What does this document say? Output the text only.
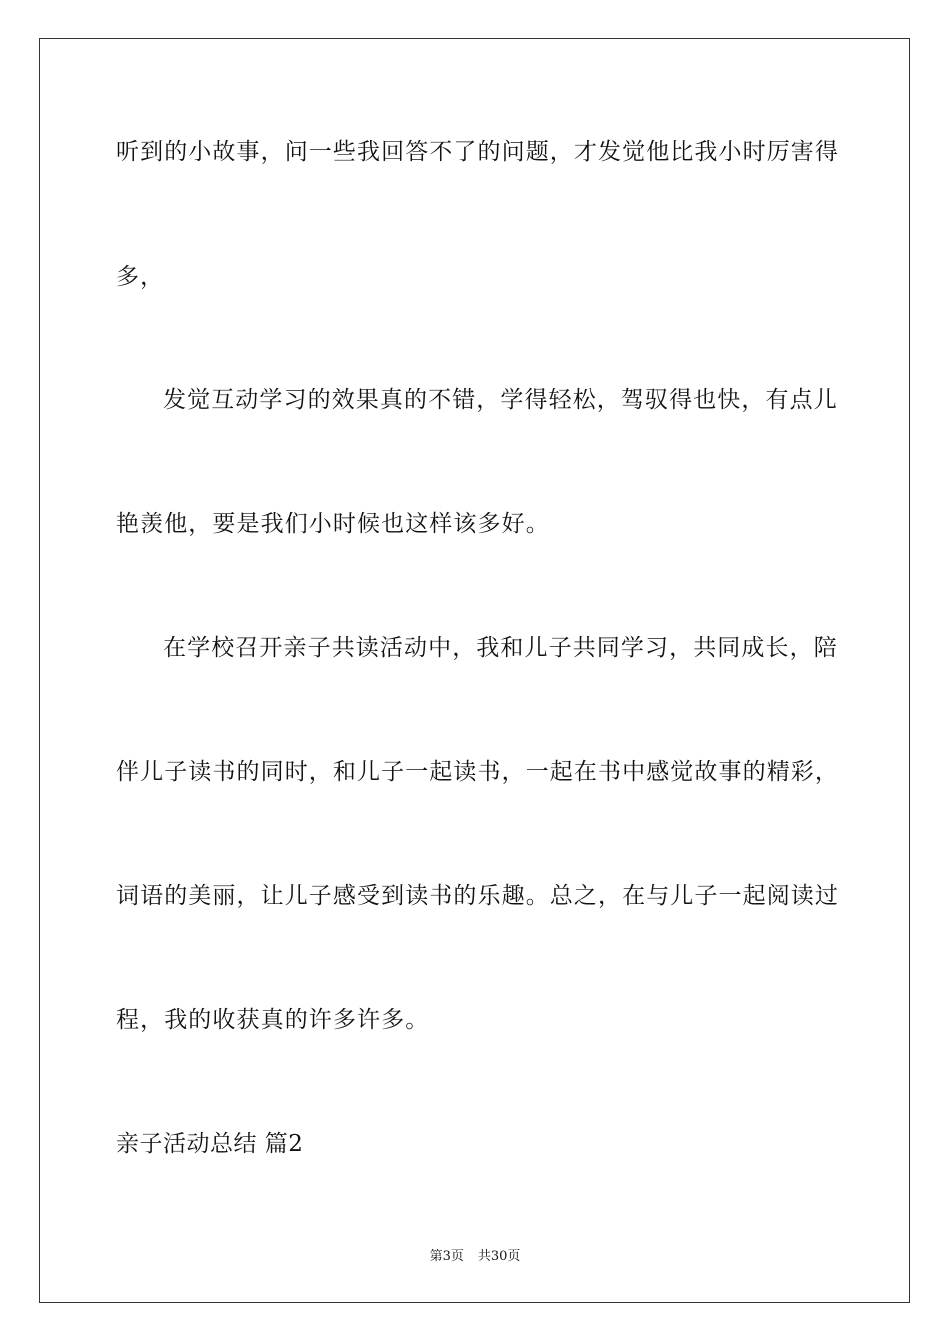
听到的小故事，问一些我回答不了的问题，才发觉他比我小时厉害得
多，
发觉互动学习的效果真的不错，学得轻松，驾驭得也快，有点儿
艳羡他，要是我们小时候也这样该多好。
在学校召开亲子共读活动中，我和儿子共同学习，共同成长，陪
伴儿子读书的同时，和儿子一起读书，一起在书中感觉故事的精彩，
词语的美丽，让儿子感受到读书的乐趣。总之，在与儿子一起阅读过
程，我的收获真的许多许多。
亲子活动总结 篇2
第3页 共30页
